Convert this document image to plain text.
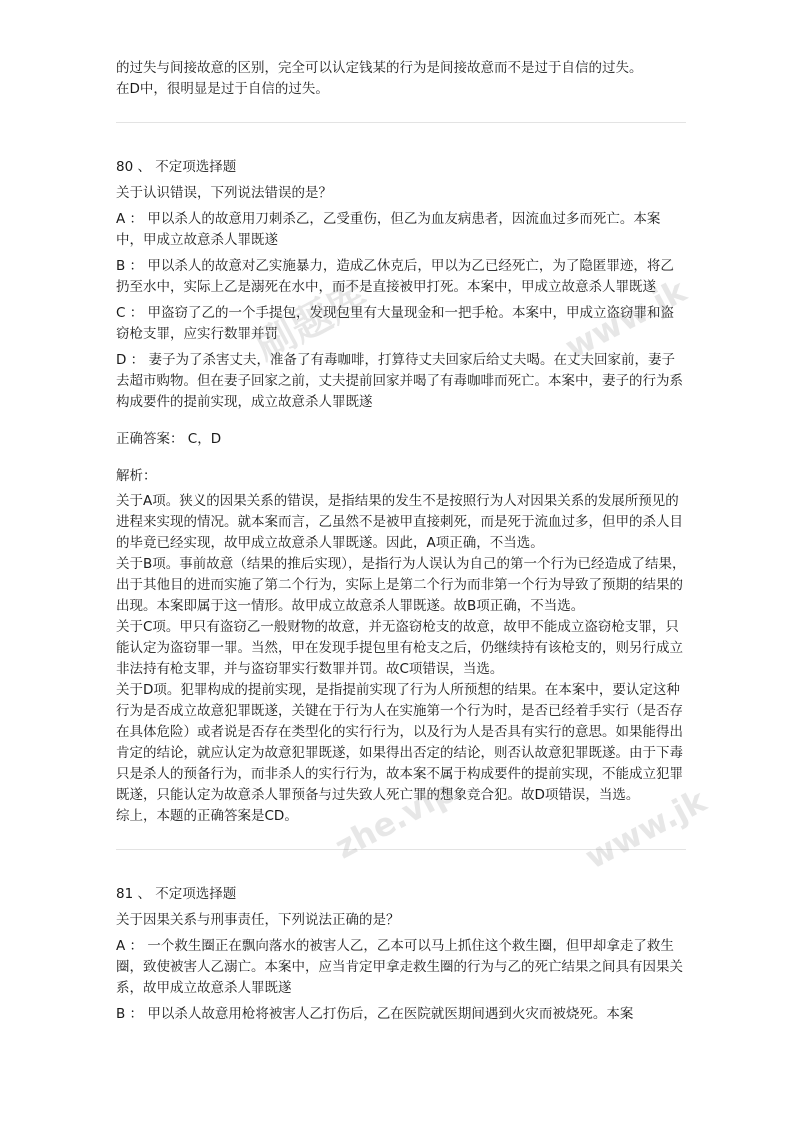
的过失与间接故意的区别，完全可以认定钱某的行为是间接故意而不是过于自信的过失。

在D中，很明显是过于自信的过失。

80 、 不定项选择题

关于认识错误，下列说法错误的是？

A ： 甲以杀人的故意用刀刺杀乙，乙受重伤，但乙为血友病患者，因流血过多而死亡。本案中，甲成立故意杀人罪既遂

B ： 甲以杀人的故意对乙实施暴力，造成乙休克后，甲以为乙已经死亡，为了隐匿罪迹，将乙扔至水中，实际上乙是溺死在水中，而不是直接被甲打死。本案中，甲成立故意杀人罪既遂

C ： 甲盗窃了乙的一个手提包，发现包里有大量现金和一把手枪。本案中，甲成立盗窃罪和盗窃枪支罪，应实行数罪并罚

D ： 妻子为了杀害丈夫，准备了有毒咖啡，打算待丈夫回家后给丈夫喝。在丈夫回家前，妻子去超市购物。但在妻子回家之前，丈夫提前回家并喝了有毒咖啡而死亡。本案中，妻子的行为系构成要件的提前实现，成立故意杀人罪既遂

正确答案： C，D

解析：

关于A项。狭义的因果关系的错误，是指结果的发生不是按照行为人对因果关系的发展所预见的进程来实现的情况。就本案而言，乙虽然不是被甲直接刺死，而是死于流血过多，但甲的杀人目的毕竟已经实现，故甲成立故意杀人罪既遂。因此，A项正确，不当选。

关于B项。事前故意（结果的推后实现），是指行为人误认为自己的第一个行为已经造成了结果，出于其他目的进而实施了第二个行为，实际上是第二个行为而非第一个行为导致了预期的结果的出现。本案即属于这一情形。故甲成立故意杀人罪既遂。故B项正确，不当选。

关于C项。甲只有盗窃乙一般财物的故意，并无盗窃枪支的故意，故甲不能成立盗窃枪支罪，只能认定为盗窃罪一罪。当然，甲在发现手提包里有枪支之后，仍继续持有该枪支的，则另行成立非法持有枪支罪，并与盗窃罪实行数罪并罚。故C项错误，当选。

关于D项。犯罪构成的提前实现，是指提前实现了行为人所预想的结果。在本案中，要认定这种行为是否成立故意犯罪既遂，关键在于行为人在实施第一个行为时，是否已经着手实行（是否存在具体危险）或者说是否存在类型化的实行行为，以及行为人是否具有实行的意思。如果能得出肯定的结论，就应认定为故意犯罪既遂，如果得出否定的结论，则否认故意犯罪既遂。由于下毒只是杀人的预备行为，而非杀人的实行行为，故本案不属于构成要件的提前实现，不能成立犯罪既遂，只能认定为故意杀人罪预备与过失致人死亡罪的想象竞合犯。故D项错误，当选。

综上，本题的正确答案是CD。

81 、 不定项选择题

关于因果关系与刑事责任，下列说法正确的是？

A ： 一个救生圈正在飘向落水的被害人乙，乙本可以马上抓住这个救生圈，但甲却拿走了救生圈，致使被害人乙溺亡。本案中，应当肯定甲拿走救生圈的行为与乙的死亡结果之间具有因果关系，故甲成立故意杀人罪既遂

B ： 甲以杀人故意用枪将被害人乙打伤后，乙在医院就医期间遇到火灾而被烧死。本案

刷题库	www.jk
zhe.vip	www.jk
